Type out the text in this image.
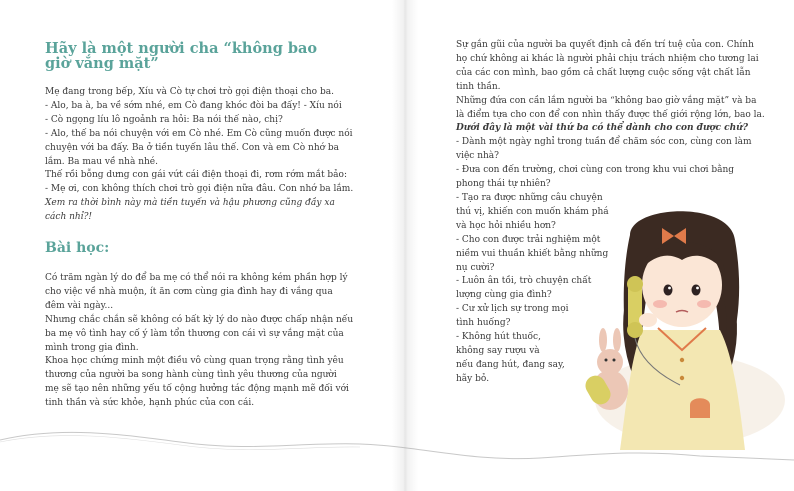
Hãy là một người cha “không bao giờ vắng mặt”
Mẹ đang trong bếp, Xíu và Cò tự chơi trò gọi điện thoại cho ba.
- Alo, ba à, ba về sớm nhé, em Cò đang khóc đòi ba đấy! - Xíu nói
- Cò ngọng líu lô ngoảnh ra hỏi: Ba nói thế nào, chị?
- Alo, thế ba nói chuyện với em Cò nhé. Em Cò cũng muốn được nói
chuyện với ba đấy. Ba ở tiền tuyến lâu thế. Con và em Cò nhớ ba
lắm. Ba mau về nhà nhé.
Thế rồi bỗng dưng con gái vứt cái điện thoại đi, rơm rớm mắt bảo:
- Mẹ ơi, con không thích chơi trò gọi điện nữa đâu. Con nhớ ba lắm.
Xem ra thời bình này mà tiền tuyến và hậu phương cũng đầy xa
cách nhỉ?!
Bài học:
Có trăm ngàn lý do để ba mẹ có thể nói ra không kém phần hợp lý
cho việc về nhà muộn, ít ăn cơm cùng gia đình hay đi vắng qua
đêm vài ngày...
Nhưng chắc chắn sẽ không có bất kỳ lý do nào được chấp nhận nếu
ba mẹ vô tình hay cố ý làm tổn thương con cái vì sự vắng mặt của
mình trong gia đình.
Khoa học chứng minh một điều vô cùng quan trọng rằng tình yêu
thương của người ba song hành cùng tình yêu thương của người
mẹ sẽ tạo nên những yếu tố cộng hưởng tác động mạnh mẽ đối với
tinh thần và sức khỏe, hạnh phúc của con cái.
Sự gắn gũi của người ba quyết định cả đến trí tuệ của con. Chính
họ chứ không ai khác là người phải chịu trách nhiệm cho tương lai
của các con mình, bao gồm cả chất lượng cuộc sống vật chất lẫn
tinh thần.
Những đứa con cần lắm người ba “không bao giờ vắng mặt” và ba
là điểm tựa cho con để con nhìn thấy được thế giới rộng lớn, bao la.
Dưới đây là một vài thứ ba có thể dành cho con được chứ?
- Dành một ngày nghỉ trong tuần để chăm sóc con, cùng con làm
việc nhà?
- Đưa con đến trường, chơi cùng con trong khu vui chơi bằng
phong thái tự nhiên?
- Tạo ra được những câu chuyện
thú vị, khiến con muốn khám phá
và học hỏi nhiều hơn?
- Cho con được trải nghiệm một
niềm vui thuần khiết bằng những
nụ cười?
- Luôn ân tồi, trò chuyện chất
lượng cùng gia đình?
- Cư xử lịch sự trong mọi
tình huống?
- Không hút thuốc,
không say rượu và
nếu đang hút, đang say,
hãy bỏ.
